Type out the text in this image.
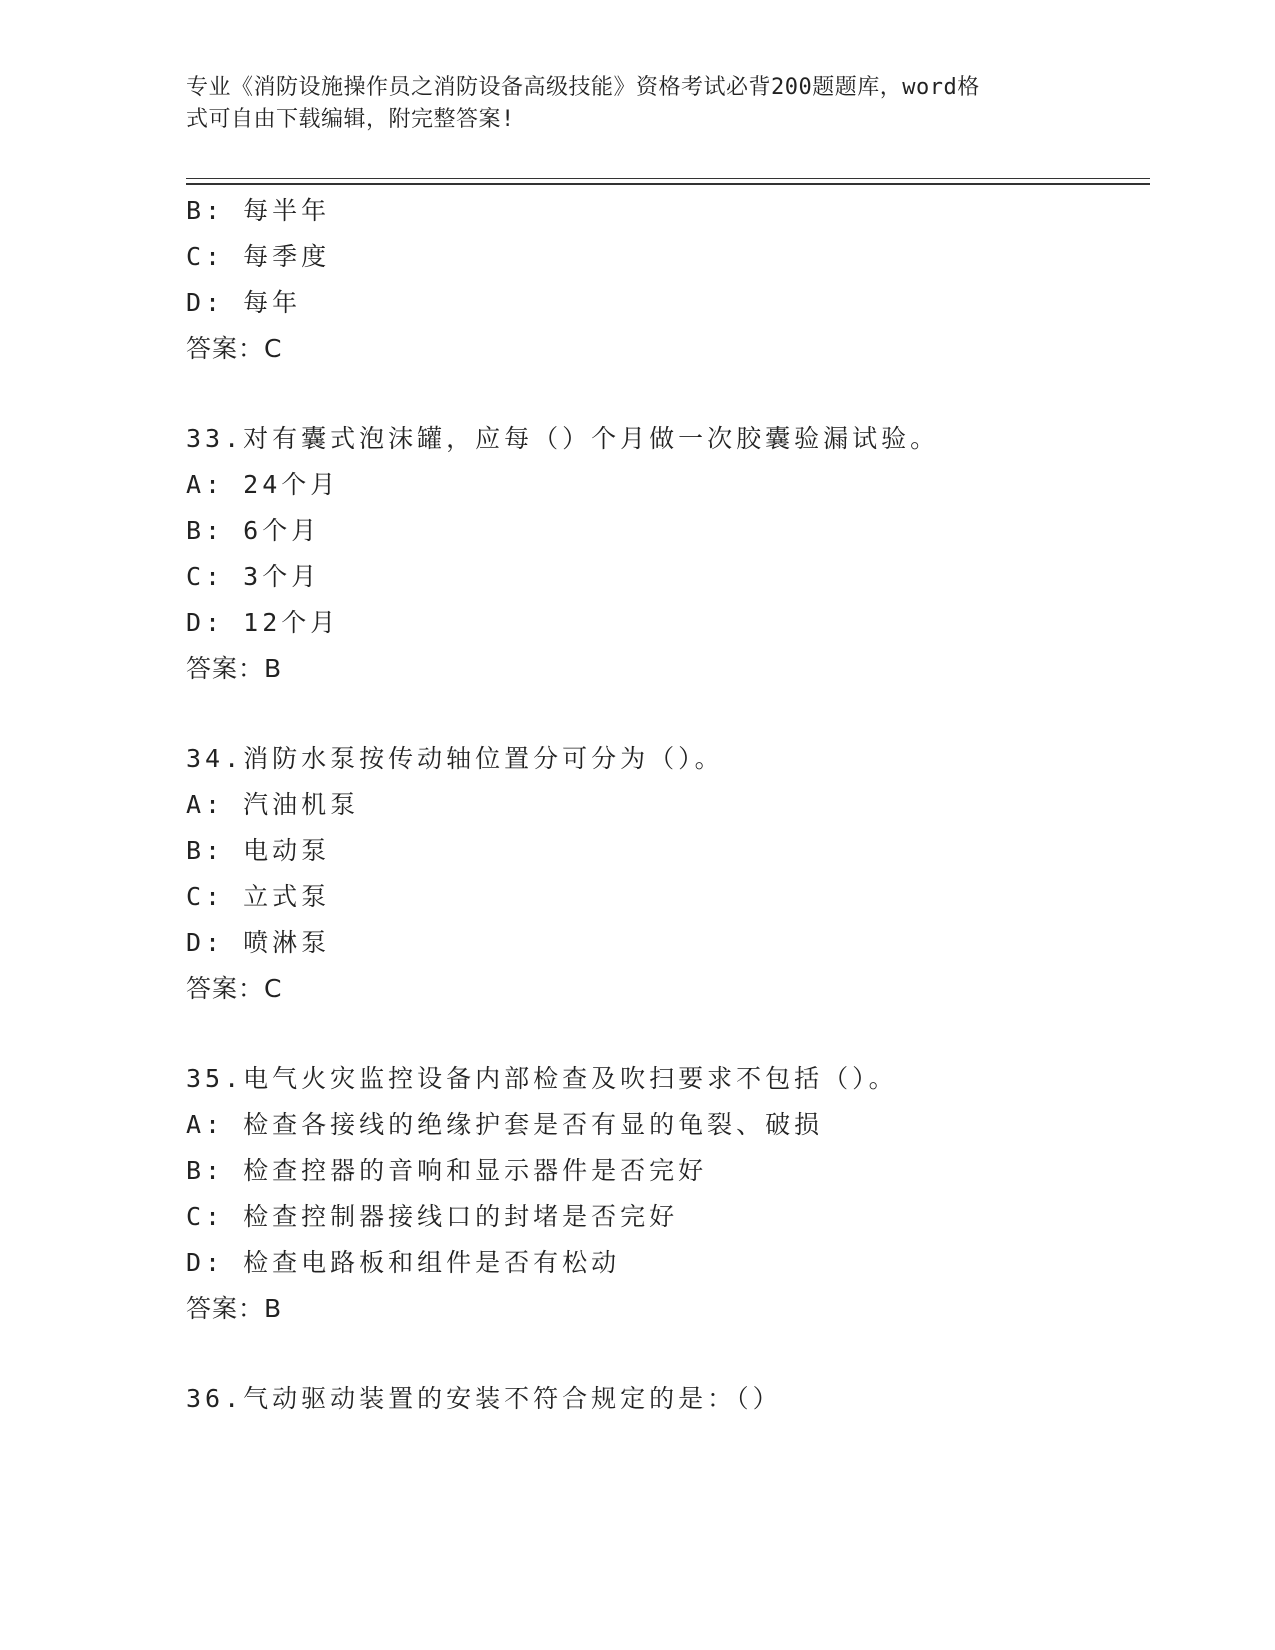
专业《消防设施操作员之消防设备高级技能》资格考试必背200题题库，word格
式可自由下载编辑，附完整答案!
B: 每半年
C: 每季度
D: 每年
答案：C
33.对有囊式泡沫罐，应每（）个月做一次胶囊验漏试验。
A: 24个月
B: 6个月
C: 3个月
D: 12个月
答案：B
34.消防水泵按传动轴位置分可分为（）。
A: 汽油机泵
B: 电动泵
C: 立式泵
D: 喷淋泵
答案：C
35.电气火灾监控设备内部检查及吹扫要求不包括（）。
A: 检查各接线的绝缘护套是否有显的龟裂、破损
B: 检查控器的音响和显示器件是否完好
C: 检查控制器接线口的封堵是否完好
D: 检查电路板和组件是否有松动
答案：B
36.气动驱动装置的安装不符合规定的是：（）
